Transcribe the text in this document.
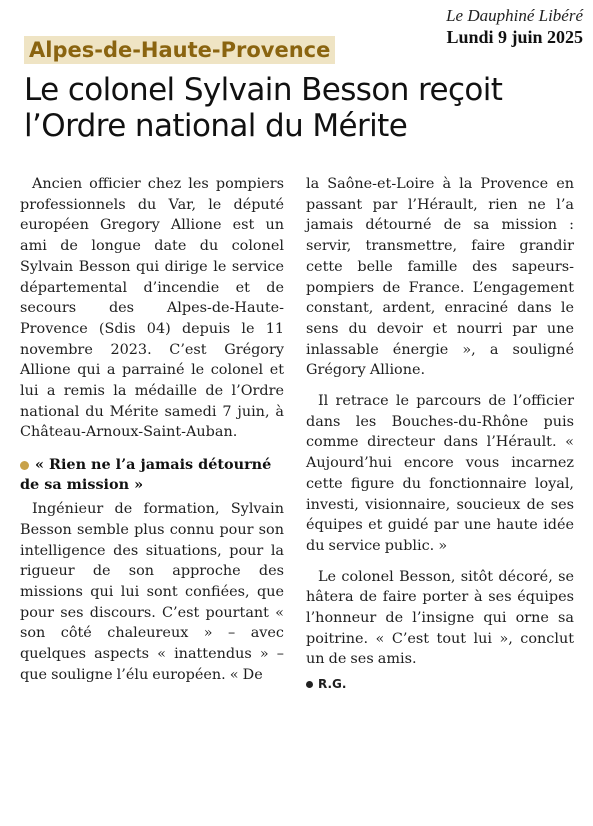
Le Dauphiné Libéré
Lundi 9 juin 2025
Alpes-de-Haute-Provence
Le colonel Sylvain Besson reçoit l’Ordre national du Mérite

Ancien officier chez les pompiers professionnels du Var, le député européen Gregory Allione est un ami de longue date du colonel Sylvain Besson qui dirige le service départemental d’incendie et de secours des Alpes-de-Haute-Provence (Sdis 04) depuis le 11 novembre 2023. C’est Grégory Allione qui a parrainé le colonel et lui a remis la médaille de l’Ordre national du Mérite samedi 7 juin, à Château-Arnoux-Saint-Auban.

« Rien ne l’a jamais détourné de sa mission »

Ingénieur de formation, Sylvain Besson semble plus connu pour son intelligence des situations, pour la rigueur de son approche des missions qui lui sont confiées, que pour ses discours. C’est pourtant « son côté chaleureux » – avec quelques aspects « inattendus » – que souligne l’élu européen. « De

la Saône-et-Loire à la Provence en passant par l’Hérault, rien ne l’a jamais détourné de sa mission : servir, transmettre, faire grandir cette belle famille des sapeurs-pompiers de France. L’engagement constant, ardent, enraciné dans le sens du devoir et nourri par une inlassable énergie », a souligné Grégory Allione.

Il retrace le parcours de l’officier dans les Bouches-du-Rhône puis comme directeur dans l’Hérault. « Aujourd’hui encore vous incarnez cette figure du fonctionnaire loyal, investi, visionnaire, soucieux de ses équipes et guidé par une haute idée du service public. »

Le colonel Besson, sitôt décoré, se hâtera de faire porter à ses équipes l’honneur de l’insigne qui orne sa poitrine. « C’est tout lui », conclut un de ses amis.

R.G.
